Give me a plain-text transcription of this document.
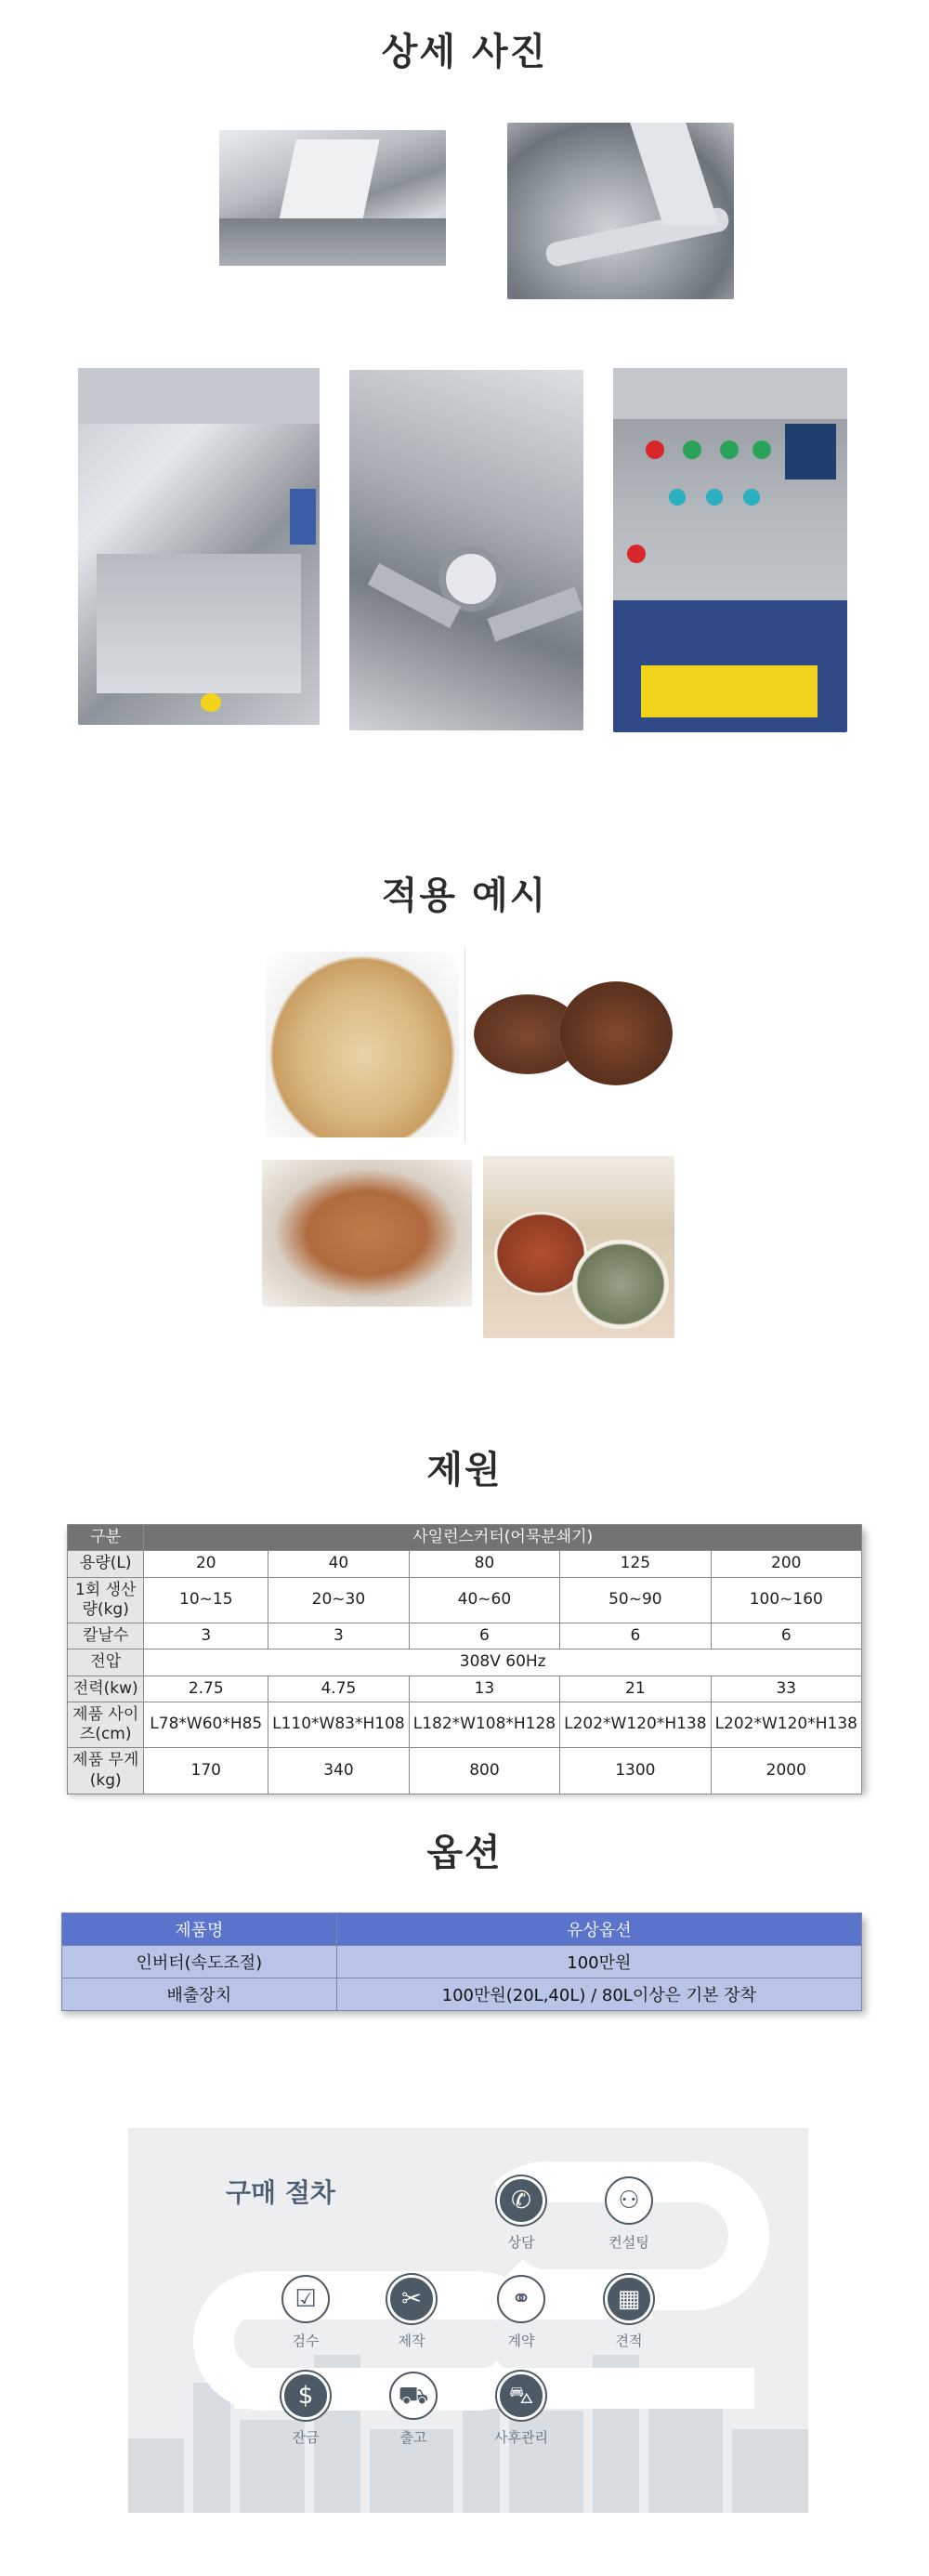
상세 사진
적용 예시
제원
구분	사일런스커터(어묵분쇄기)				
용량(L)	20	40	80	125	200
1회 생산량(kg)	10~15	20~30	40~60	50~90	100~160
칼날수	3	3	6	6	6
전압	308V 60Hz				
전력(kw)	2.75	4.75	13	21	33
제품 사이즈(cm)	L78*W60*H85	L110*W83*H108	L182*W108*H128	L202*W120*H138	L202*W120*H138
제품 무게(kg)	170	340	800	1300	2000
옵션
제품명	유상옵션
인버터(속도조절)	100만원
배출장치	100만원(20L,40L) / 80L이상은 기본 장착
구매 절차	✆
상담
⚇
컨설팅
▦
견적
⚭
계약
✂
제작
☑
검수
$
잔금
⛟
출고
⛍
사후관리
